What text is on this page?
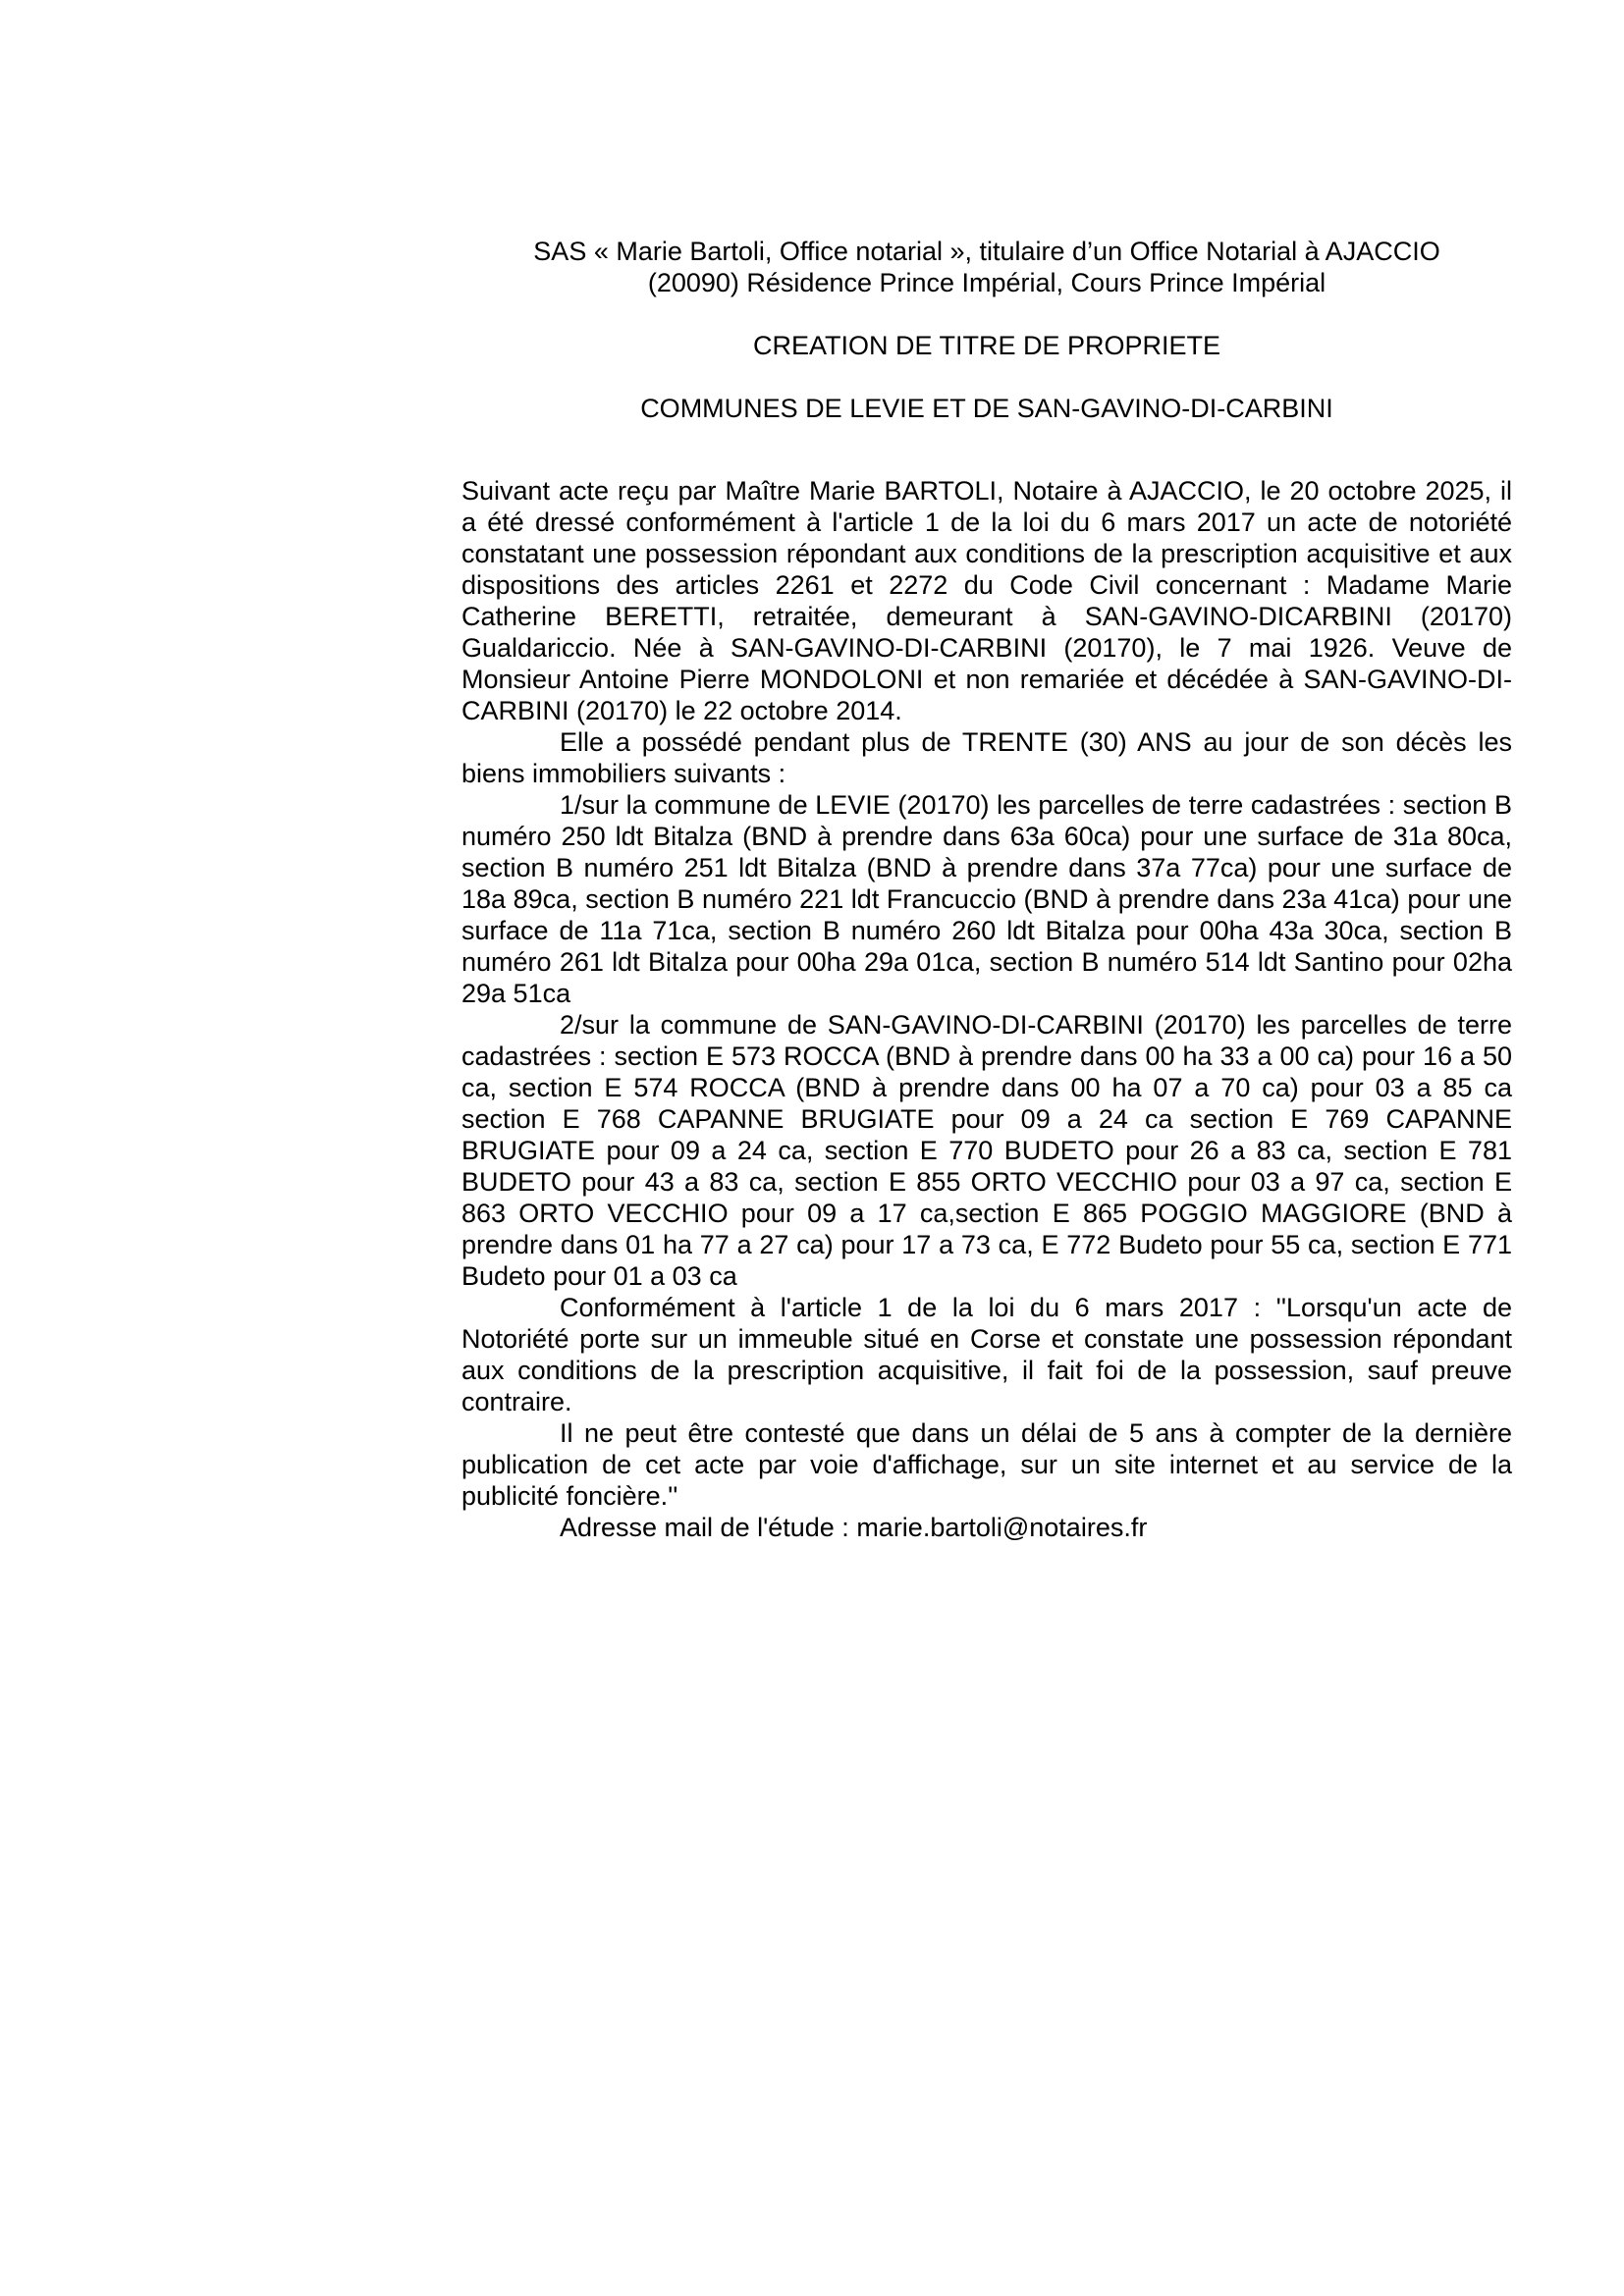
SAS « Marie Bartoli, Office notarial », titulaire d’un Office Notarial à AJACCIO

(20090) Résidence Prince Impérial, Cours Prince Impérial

CREATION DE TITRE DE PROPRIETE

COMMUNES DE LEVIE ET DE SAN-GAVINO-DI-CARBINI

Suivant acte reçu par Maître Marie BARTOLI, Notaire à AJACCIO, le 20 octobre 2025, il a été dressé conformément à l'article 1 de la loi du 6 mars 2017 un acte de notoriété constatant une possession répondant aux conditions de la prescription acquisitive et aux dispositions des articles 2261 et 2272 du Code Civil concernant : Madame Marie Catherine BERETTI, retraitée, demeurant à SAN-GAVINO-DICARBINI (20170) Gualdariccio. Née à SAN-GAVINO-DI-CARBINI (20170), le 7 mai 1926. Veuve de Monsieur Antoine Pierre MONDOLONI et non remariée et décédée à SAN-GAVINO-DI-CARBINI (20170) le 22 octobre 2014.

Elle a possédé pendant plus de TRENTE (30) ANS au jour de son décès les biens immobiliers suivants :

1/sur la commune de LEVIE (20170) les parcelles de terre cadastrées : section B numéro 250 ldt Bitalza (BND à prendre dans 63a 60ca) pour une surface de 31a 80ca, section B numéro 251 ldt Bitalza (BND à prendre dans 37a 77ca) pour une surface de 18a 89ca, section B numéro 221 ldt Francuccio (BND à prendre dans 23a 41ca) pour une surface de 11a 71ca, section B numéro 260 ldt Bitalza pour 00ha 43a 30ca, section B numéro 261 ldt Bitalza pour 00ha 29a 01ca, section B numéro 514 ldt Santino pour 02ha 29a 51ca

2/sur la commune de SAN-GAVINO-DI-CARBINI (20170) les parcelles de terre cadastrées : section E 573 ROCCA (BND à prendre dans 00 ha 33 a 00 ca) pour 16 a 50 ca, section E 574 ROCCA (BND à prendre dans 00 ha 07 a 70 ca) pour 03 a 85 ca section E 768 CAPANNE BRUGIATE pour 09 a 24 ca section E 769 CAPANNE BRUGIATE pour 09 a 24 ca, section E 770 BUDETO pour 26 a 83 ca, section E 781 BUDETO pour 43 a 83 ca, section E 855 ORTO VECCHIO pour 03 a 97 ca, section E 863 ORTO VECCHIO pour 09 a 17 ca,section E 865 POGGIO MAGGIORE (BND à prendre dans 01 ha 77 a 27 ca) pour 17 a 73 ca, E 772 Budeto pour 55 ca, section E 771 Budeto pour 01 a 03 ca

Conformément à l'article 1 de la loi du 6 mars 2017 : ''Lorsqu'un acte de Notoriété porte sur un immeuble situé en Corse et constate une possession répondant aux conditions de la prescription acquisitive, il fait foi de la possession, sauf preuve contraire.

Il ne peut être contesté que dans un délai de 5 ans à compter de la dernière publication de cet acte par voie d'affichage, sur un site internet et au service de la publicité foncière.''

Adresse mail de l'étude : marie.bartoli@notaires.fr
